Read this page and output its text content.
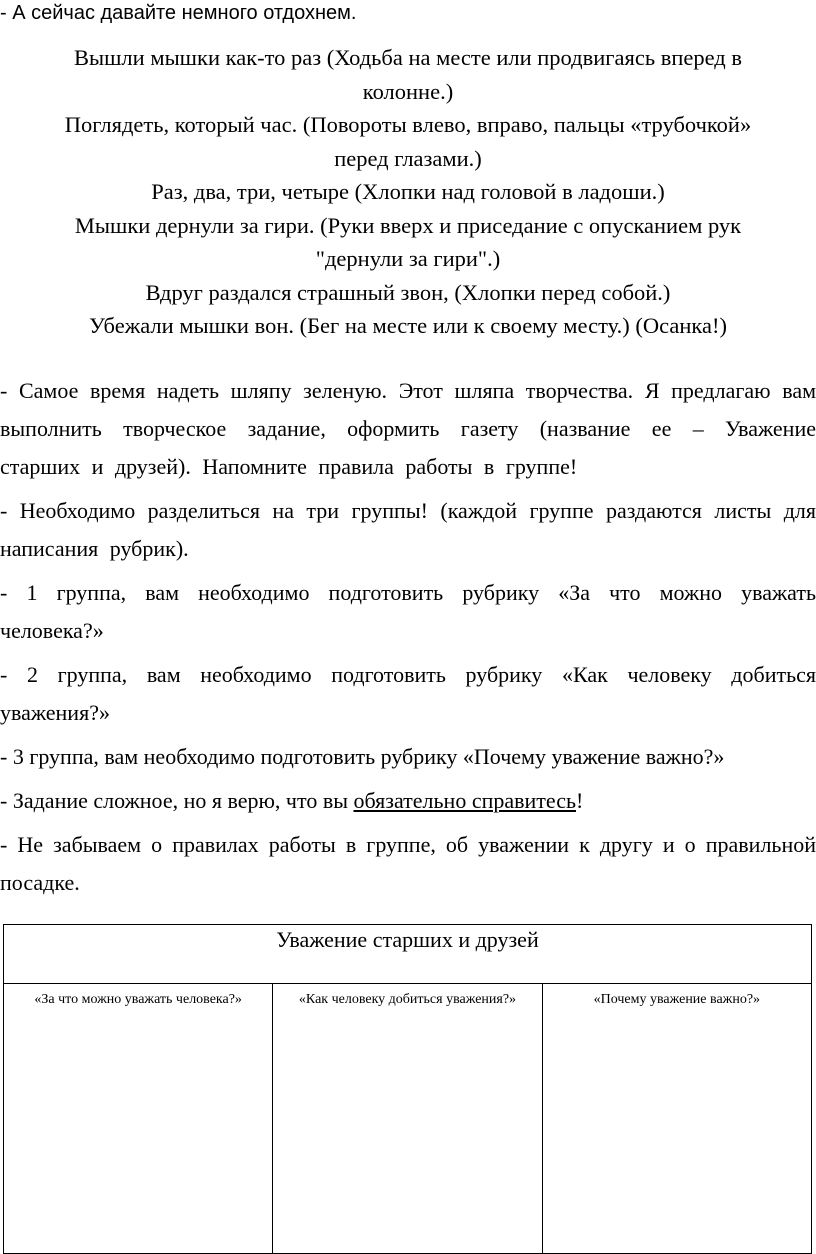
- А сейчас давайте немного отдохнем.
Вышли мышки как-то раз (Ходьба на месте или продвигаясь вперед в
колонне.)
Поглядеть, который час. (Повороты влево, вправо, пальцы «трубочкой»
перед глазами.)
Раз, два, три, четыре (Хлопки над головой в ладоши.)
Мышки дернули за гири. (Руки вверх и приседание с опусканием рук
"дернули за гири".)
Вдруг раздался страшный звон, (Хлопки перед собой.)
Убежали мышки вон. (Бег на месте или к своему месту.) (Осанка!)

- Самое время надеть шляпу зеленую. Этот шляпа творчества. Я предлагаю вам выполнить творческое задание, оформить газету (название ее – Уважение старших и друзей). Напомните правила работы в группе!

- Необходимо разделиться на три группы! (каждой группе раздаются листы для написания рубрик).

- 1 группа, вам необходимо подготовить рубрику «За что можно уважать человека?»

- 2 группа, вам необходимо подготовить рубрику «Как человеку добиться уважения?»

- 3 группа, вам необходимо подготовить рубрику «Почему уважение важно?»

- Задание сложное, но я верю, что вы обязательно справитесь!

- Не забываем о правилах работы в группе, об уважении к другу и о правильной посадке.

Уважение старших и друзей
«За что можно уважать человека?»	«Как человеку добиться уважения?»	«Почему уважение важно?»
